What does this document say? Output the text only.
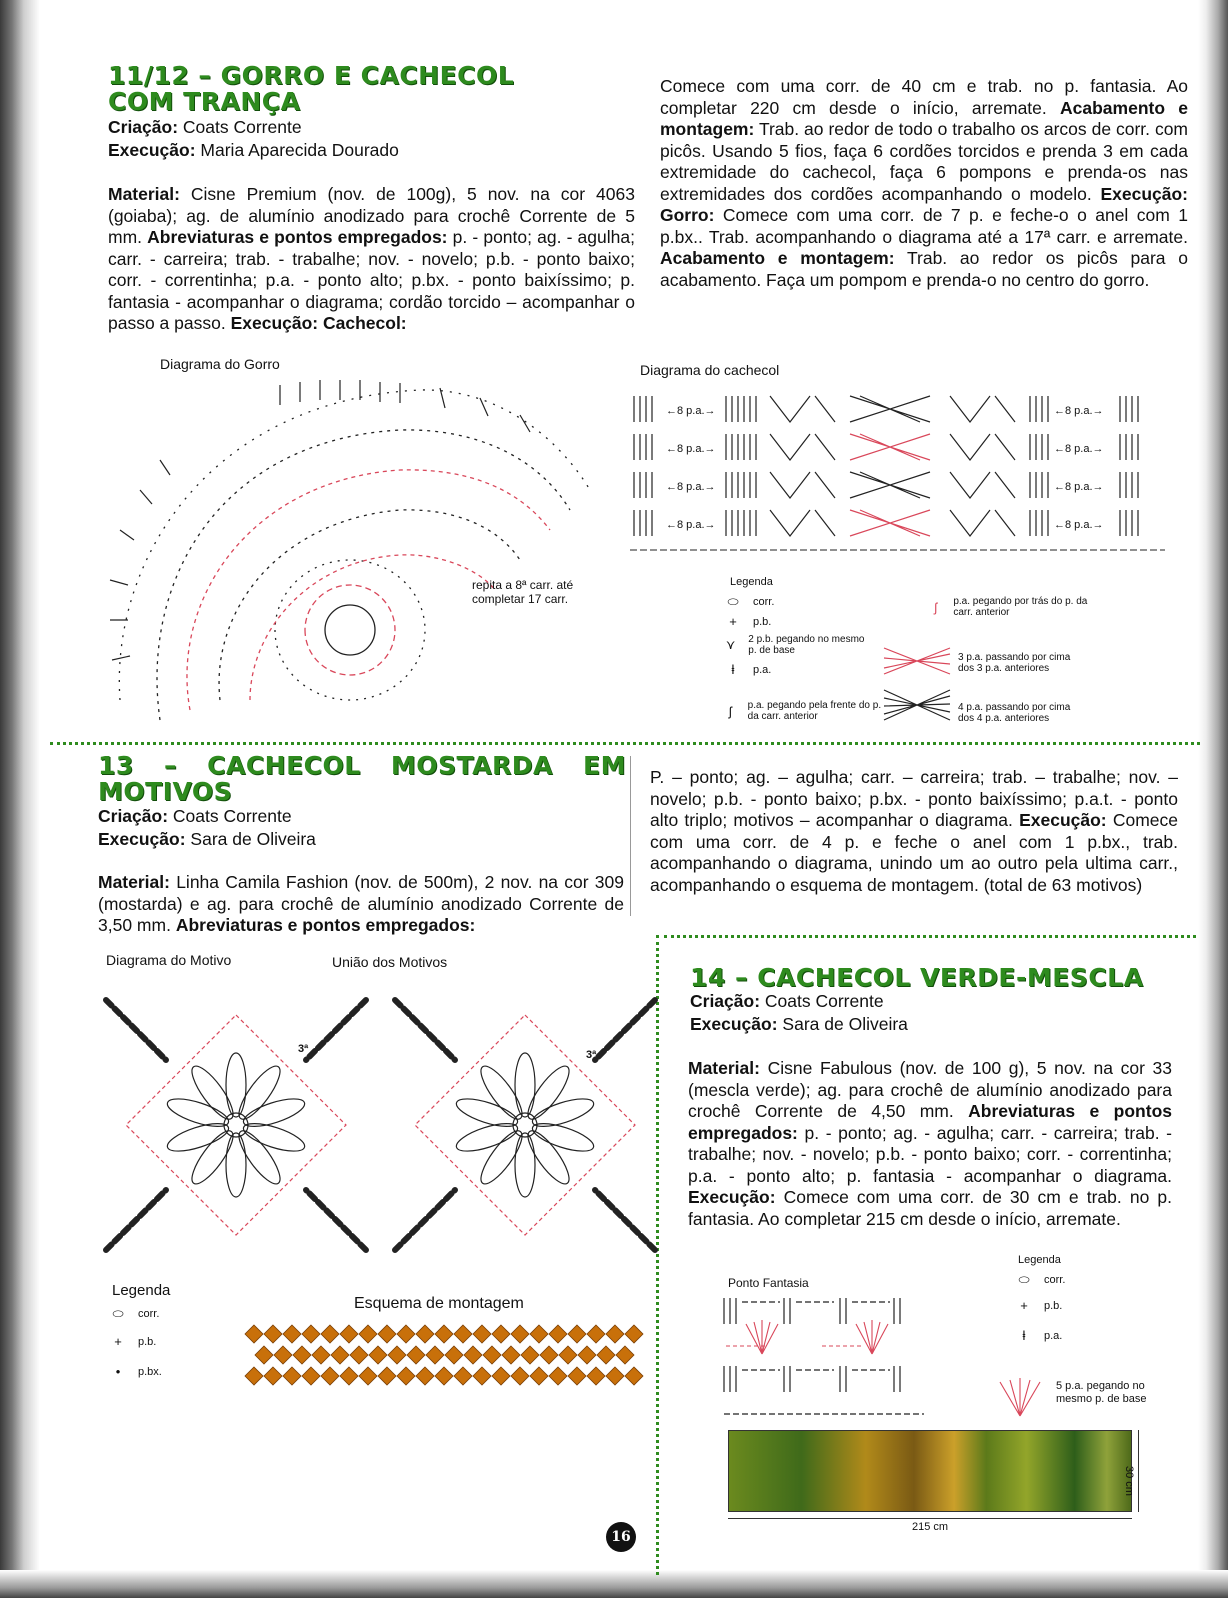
11/12 – GORRO E CACHECOL
COM TRANÇA
Criação: Coats Corrente
Execução: Maria Aparecida Dourado
Material: Cisne Premium (nov. de 100g), 5 nov. na cor 4063 (goiaba); ag. de alumínio anodizado para crochê Corrente de 5 mm. Abreviaturas e pontos empregados: p. - ponto; ag. - agulha; carr. - carreira; trab. - trabalhe; nov. - novelo; p.b. - ponto baixo; corr. - correntinha; p.a. - ponto alto; p.bx. - ponto baixíssimo; p. fantasia - acompanhar o diagrama; cordão torcido – acompanhar o passo a passo. Execução: Cachecol:
Comece com uma corr. de 40 cm e trab. no p. fantasia. Ao completar 220 cm desde o início, arremate. Acabamento e montagem: Trab. ao redor de todo o trabalho os arcos de corr. com picôs. Usando 5 fios, faça 6 cordões torcidos e prenda 3 em cada extremidade do cachecol, faça 6 pompons e prenda-os nas extremidades dos cordões acompanhando o modelo. Execução: Gorro: Comece com uma corr. de 7 p. e feche-o o anel com 1 p.bx.. Trab. acompanhando o diagrama até a 17ª carr. e arremate. Acabamento e montagem: Trab. ao redor os picôs para o acabamento. Faça um pompom e prenda-o no centro do gorro.
Diagrama do Gorro
repita a 8ª carr. até completar 17 carr.
Diagrama do cachecol
←8 p.a.→	←8 p.a.→
←8 p.a.→	←8 p.a.→
←8 p.a.→	←8 p.a.→
←8 p.a.→	←8 p.a.→
Legenda
⬭ corr.
+	p.b.
⋎ 2 p.b. pegando no mesmo p. de base
ⱡ	p.a.
ʃ	p.a. pegando pela frente do p. da carr. anterior
ʃ	p.a. pegando por trás do p. da carr. anterior
3 p.a. passando por cima dos 3 p.a. anteriores
4 p.a. passando por cima dos 4 p.a. anteriores
13 – CACHECOL MOSTARDA EM
MOTIVOS
Criação: Coats Corrente
Execução: Sara de Oliveira
Material: Linha Camila Fashion (nov. de 500m), 2 nov. na cor 309 (mostarda) e ag. para crochê de alumínio anodizado Corrente de 3,50 mm. Abreviaturas e pontos empregados:
P. – ponto; ag. – agulha; carr. – carreira; trab. – trabalhe; nov. – novelo; p.b. - ponto baixo; p.bx. - ponto baixíssimo; p.a.t. - ponto alto triplo; motivos – acompanhar o diagrama. Execução: Comece com uma corr. de 4 p. e feche o anel com 1 p.bx., trab. acompanhando o diagrama, unindo um ao outro pela ultima carr., acompanhando o esquema de montagem. (total de 63 motivos)
Diagrama do Motivo	União dos Motivos
3ª	3ª
Legenda
⬭ corr.
+	p.b.
•	p.bx.
Esquema de montagem
14 – CACHECOL VERDE-MESCLA
Criação: Coats Corrente
Execução: Sara de Oliveira
Material: Cisne Fabulous (nov. de 100 g), 5 nov. na cor 33 (mescla verde); ag. para crochê de alumínio anodizado para crochê Corrente de 4,50 mm. Abreviaturas e pontos empregados: p. - ponto; ag. - agulha; carr. - carreira; trab. - trabalhe; nov. - novelo; p.b. - ponto baixo; corr. - correntinha; p.a. - ponto alto; p. fantasia - acompanhar o diagrama. Execução: Comece com uma corr. de 30 cm e trab. no p. fantasia. Ao completar 215 cm desde o início, arremate.
Ponto Fantasia
Legenda
⬭ corr.
+	p.b.
ⱡ	p.a.
5 p.a. pegando no mesmo p. de base
215 cm
30 cm
16
